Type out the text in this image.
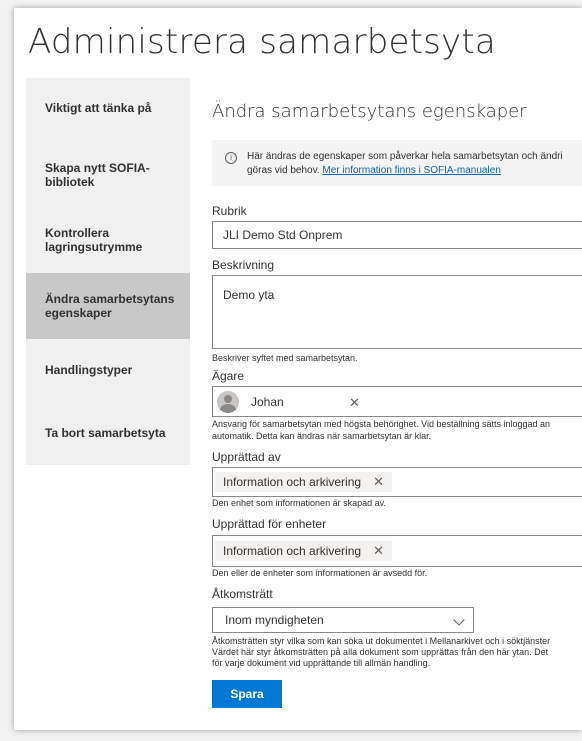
Administrera samarbetsyta
Viktigt att tänka på
Skapa nytt SOFIA-bibliotek
Kontrollera lagringsutrymme
Ändra samarbetsytans egenskaper
Handlingstyper
Ta bort samarbetsyta
Ändra samarbetsytans egenskaper
i	Här ändras de egenskaper som påverkar hela samarbetsytan och ändri
göras vid behov. Mer information finns i SOFIA-manualen
Rubrik
JLI Demo Std Onprem
Beskrivning
Demo yta
Beskriver syftet med samarbetsytan.
Ägare
Johan	✕
Ansvarig för samarbetsytan med högsta behörighet. Vid beställning sätts inloggad an
automatik. Detta kan ändras när samarbetsytan är klar.
Upprättad av
Information och arkivering ✕
Den enhet som informationen är skapad av.
Upprättad för enheter
Information och arkivering ✕
Den eller de enheter som informationen är avsedd för.
Åtkomsträtt
Inom myndigheten
Åtkomsträtten styr vilka som kan söka ut dokumentet i Mellanarkivet och i söktjänster
Värdet här styr åtkomsträtten på alla dokument som upprättas från den här ytan. Det
för varje dokument vid upprättande till allmän handling.
Spara
